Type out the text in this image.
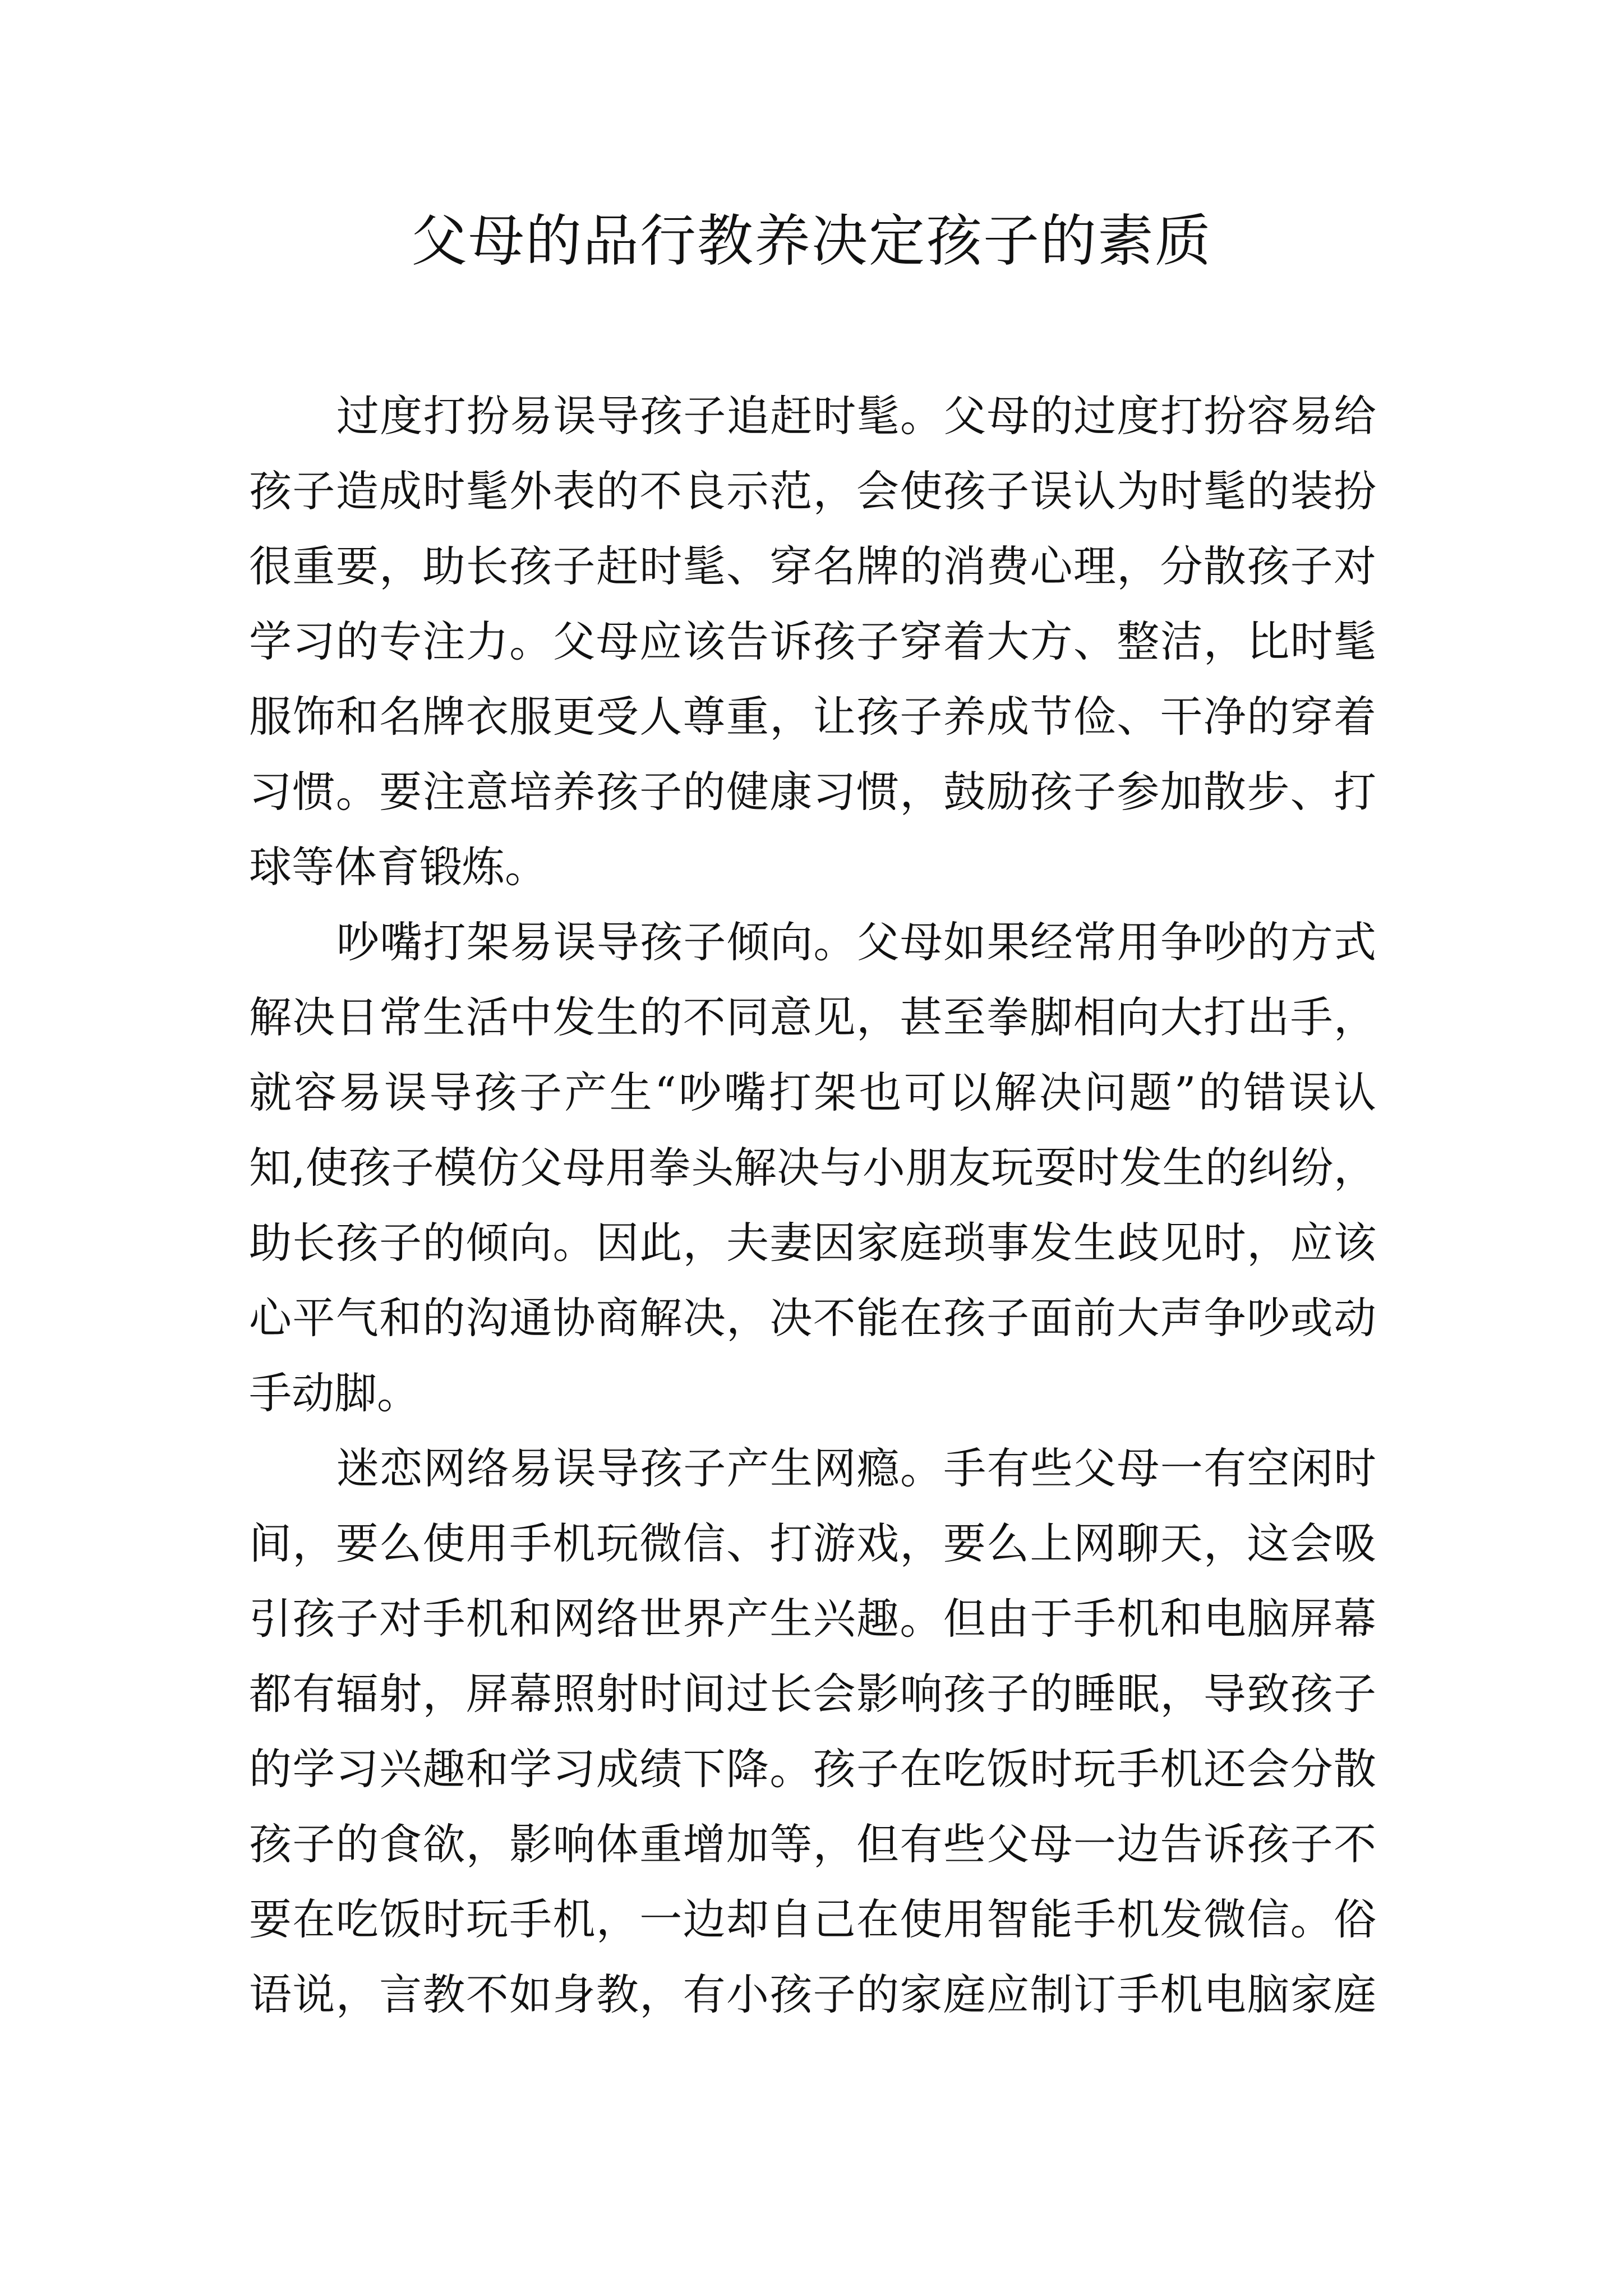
父母的品行教养决定孩子的素质

过度打扮易误导孩子追赶时髦。父母的过度打扮容易给
孩子造成时髦外表的不良示范，会使孩子误认为时髦的装扮
很重要，助长孩子赶时髦、穿名牌的消费心理，分散孩子对
学习的专注力。父母应该告诉孩子穿着大方、整洁，比时髦
服饰和名牌衣服更受人尊重，让孩子养成节俭、干净的穿着
习惯。要注意培养孩子的健康习惯，鼓励孩子参加散步、打
球等体育锻炼。

吵嘴打架易误导孩子倾向。父母如果经常用争吵的方式
解决日常生活中发生的不同意见，甚至拳脚相向大打出手，
就容易误导孩子产生“吵嘴打架也可以解决问题”的错误认
知,使孩子模仿父母用拳头解决与小朋友玩耍时发生的纠纷，
助长孩子的倾向。因此，夫妻因家庭琐事发生歧见时，应该
心平气和的沟通协商解决，决不能在孩子面前大声争吵或动
手动脚。

迷恋网络易误导孩子产生网瘾。手有些父母一有空闲时
间，要么使用手机玩微信、打游戏，要么上网聊天，这会吸
引孩子对手机和网络世界产生兴趣。但由于手机和电脑屏幕
都有辐射，屏幕照射时间过长会影响孩子的睡眠，导致孩子
的学习兴趣和学习成绩下降。孩子在吃饭时玩手机还会分散
孩子的食欲，影响体重增加等，但有些父母一边告诉孩子不
要在吃饭时玩手机，一边却自己在使用智能手机发微信。俗
语说，言教不如身教，有小孩子的家庭应制订手机电脑家庭
